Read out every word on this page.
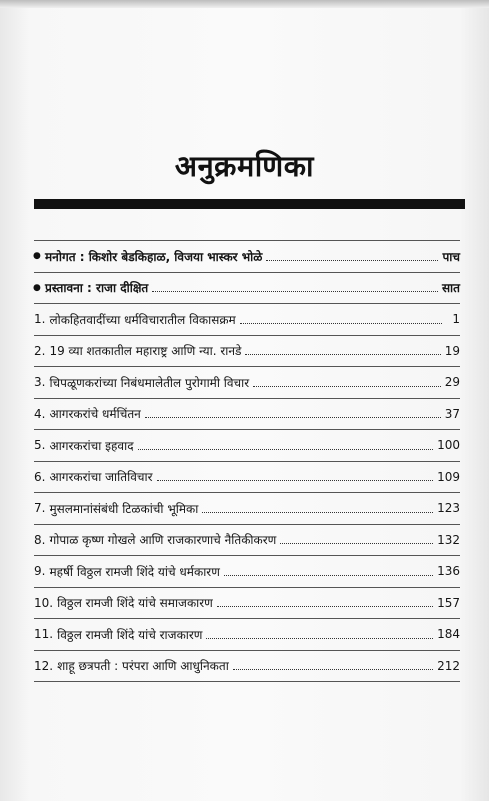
अनुक्रमणिका
● मनोगत : किशोर बेडकिहाळ, विजया भास्कर भोळे	पाच
● प्रस्तावना : राजा दीक्षित	सात
1. लोकहितवादींच्या धर्मविचारातील विकासक्रम	1
2. 19 व्या शतकातील महाराष्ट्र आणि न्या. रानडे	19
3. चिपळूणकरांच्या निबंधमालेतील पुरोगामी विचार	29
4. आगरकरांचे धर्मचिंतन	37
5. आगरकरांचा इहवाद	100
6. आगरकरांचा जातिविचार	109
7. मुसलमानांसंबंधी टिळकांची भूमिका	123
8. गोपाळ कृष्ण गोखले आणि राजकारणाचे नैतिकीकरण	132
9. महर्षी विठ्ठल रामजी शिंदे यांचे धर्मकारण	136
10. विठ्ठल रामजी शिंदे यांचे समाजकारण	157
11. विठ्ठल रामजी शिंदे यांचे राजकारण	184
12. शाहू छत्रपती : परंपरा आणि आधुनिकता	212
